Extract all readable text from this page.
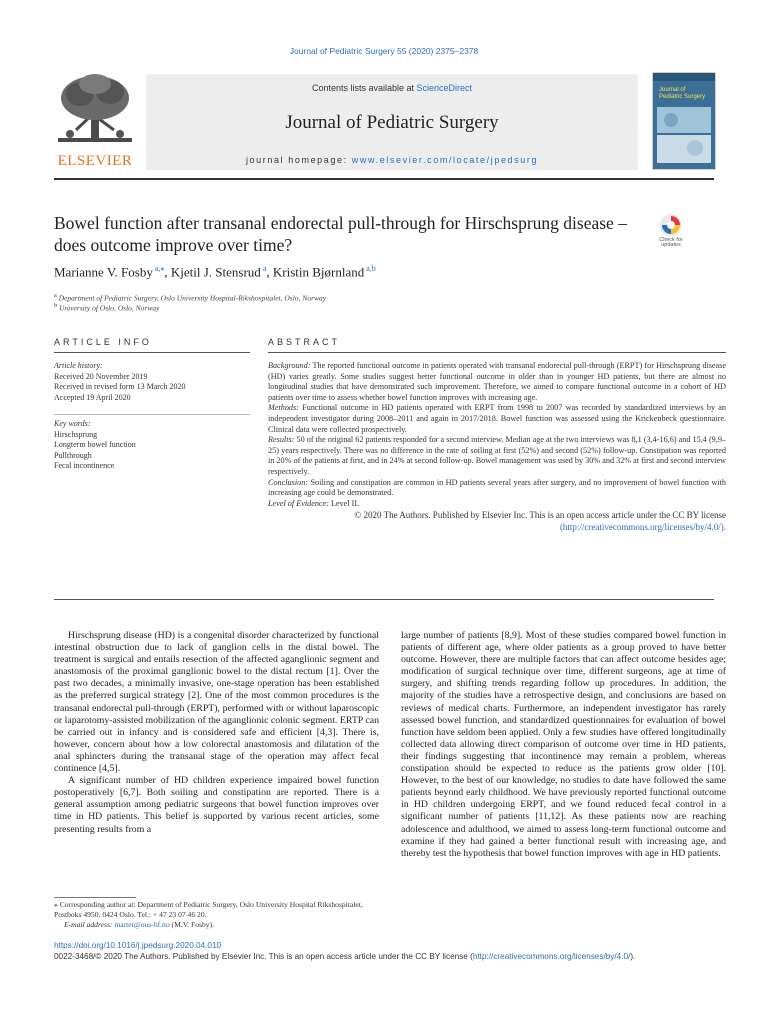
Journal of Pediatric Surgery 55 (2020) 2375–2378
ELSEVIER
Contents lists available at ScienceDirect
Journal of Pediatric Surgery
journal homepage: www.elsevier.com/locate/jpedsurg
Journal of
Pediatric Surgery
Bowel function after transanal endorectal pull-through for Hirschsprung disease – does outcome improve over time?	Check for
updates
Marianne V. Fosby $^{a,⁎}$, Kjetil J. Stensrud $^a$, Kristin Bjørnland $^{a,b}$
$^a$ Department of Pediatric Surgery, Oslo University Hospital-Rikshospitalet, Oslo, Norway
$^b$ University of Oslo, Oslo, Norway
ARTICLE INFO	ABSTRACT
Article history:
Received 20 November 2019
Received in revised form 13 March 2020
Accepted 19 April 2020
Key words:
Hirschsprung
Longterm bowel function
Pullthrough
Fecal incontinence

Background: The reported functional outcome in patients operated with transanal endorectal pull-through (ERPT) for Hirschsprung disease (HD) varies greatly. Some studies suggest better functional outcome in older than in younger HD patients, but there are almost no longitudinal studies that have demonstrated such improvement. Therefore, we aimed to compare functional outcome in a cohort of HD patients over time to assess whether bowel function improves with increasing age.

Methods: Functional outcome in HD patients operated with ERPT from 1998 to 2007 was recorded by standardized interviews by an independent investigator during 2008–2011 and again in 2017/2018. Bowel function was assessed using the Krickenbeck questionnaire. Clinical data were collected prospectively.

Results: 50 of the original 62 patients responded for a second interview. Median age at the two interviews was 8,1 (3,4-16,6) and 15,4 (9,9–25) years respectively. There was no difference in the rate of soiling at first (52%) and second (52%) follow-up. Constipation was reported in 20% of the patients at first, and in 24% at second follow-up. Bowel management was used by 30% and 32% at first and second interview respectively.

Conclusion: Soiling and constipation are common in HD patients several years after surgery, and no improvement of bowel function with increasing age could be demonstrated.

Level of Evidence: Level II.

© 2020 The Authors. Published by Elsevier Inc. This is an open access article under the CC BY license
(http://creativecommons.org/licenses/by/4.0/).

Hirschsprung disease (HD) is a congenital disorder characterized by functional intestinal obstruction due to lack of ganglion cells in the distal bowel. The treatment is surgical and entails resection of the affected aganglionic segment and anastomosis of the proximal ganglionic bowel to the distal rectum [1]. Over the past two decades, a minimally invasive, one-stage operation has been established as the preferred surgical strategy [2]. One of the most common procedures is the transanal endorectal pull-through (ERPT), performed with or without laparoscopic or laparotomy-assisted mobilization of the aganglionic colonic segment. ERTP can be carried out in infancy and is considered safe and efficient [4,3]. There is, however, concern about how a low colorectal anastomosis and dilatation of the anal sphincters during the transanal stage of the operation may affect fecal continence [4,5].

A significant number of HD children experience impaired bowel function postoperatively [6,7]. Both soiling and constipation are reported. There is a general assumption among pediatric surgeons that bowel function improves over time in HD patients. This belief is supported by various recent articles, some presenting results from a

large number of patients [8,9]. Most of these studies compared bowel function in patients of different age, where older patients as a group proved to have better outcome. However, there are multiple factors that can affect outcome besides age; modification of surgical technique over time, different surgeons, age at time of surgery, and shifting trends regarding follow up procedures. In addition, the majority of the studies have a retrospective design, and conclusions are based on reviews of medical charts. Furthermore, an independent investigator has rarely assessed bowel function, and standardized questionnaires for evaluation of bowel function have seldom been applied. Only a few studies have offered longitudinally collected data allowing direct comparison of outcome over time in HD patients, their findings suggesting that incontinence may remain a problem, whereas constipation should be expected to reduce as the patients grow older [10]. However, to the best of our knowledge, no studies to date have followed the same patients beyond early childhood. We have previously reported functional outcome in HD children undergoing ERPT, and we found reduced fecal control in a significant number of patients [11,12]. As these patients now are reaching adolescence and adulthood, we aimed to assess long-term functional outcome and examine if they had gained a better functional result with increasing age, and thereby test the hypothesis that bowel function improves with age in HD patients.

⁎ Corresponding author at: Department of Pediatric Surgery, Oslo University Hospital Rikshospitalet, Postboks 4950, 0424 Oslo. Tel.: + 47 23 07 46 20.
E-mail address: martei@ous-hf.no (M.V. Fosby).
https://doi.org/10.1016/j.jpedsurg.2020.04.010
0022-3468/© 2020 The Authors. Published by Elsevier Inc. This is an open access article under the CC BY license (http://creativecommons.org/licenses/by/4.0/).
